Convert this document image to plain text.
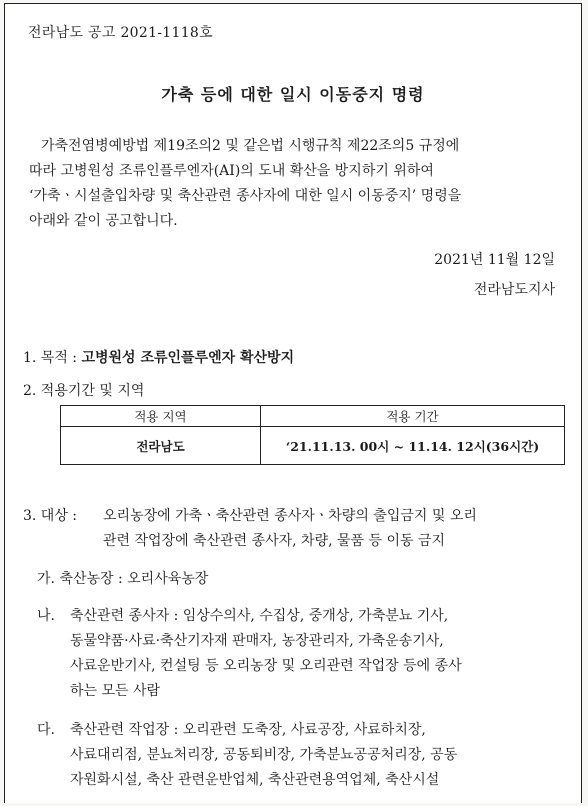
전라남도 공고 2021-1118호
가축 등에 대한 일시 이동중지 명령
가축전염병예방법 제19조의2 및 같은법 시행규칙 제22조의5 규정에
따라 고병원성 조류인플루엔자(AI)의 도내 확산을 방지하기 위하여
‘가축ㆍ시설출입차량 및 축산관련 종사자에 대한 일시 이동중지’ 명령을
아래와 같이 공고합니다.
2021년 11월 12일
전라남도지사
1. 목적 : 고병원성 조류인플루엔자 확산방지
2. 적용기간 및 지역
적용 지역	적용 기간
전라남도	‘21.11.13. 00시 ~ 11.14. 12시(36시간)
3. 대상 :오리농장에 가축ㆍ축산관련 종사자ㆍ차량의 출입금지 및 오리
관련 작업장에 축산관련 종사자, 차량, 물품 등 이동 금지
가. 축산농장 : 오리사육농장
나.	축산관련 종사자 : 임상수의사, 수집상, 중개상, 가축분뇨 기사,
동물약품·사료·축산기자재 판매자, 농장관리자, 가축운송기사,
사료운반기사, 컨설팅 등 오리농장 및 오리관련 작업장 등에 종사
하는 모든 사람
다.	축산관련 작업장 : 오리관련 도축장, 사료공장, 사료하치장,
사료대리점, 분뇨처리장, 공동퇴비장, 가축분뇨공공처리장, 공동
자원화시설, 축산 관련운반업체, 축산관련용역업체, 축산시설
